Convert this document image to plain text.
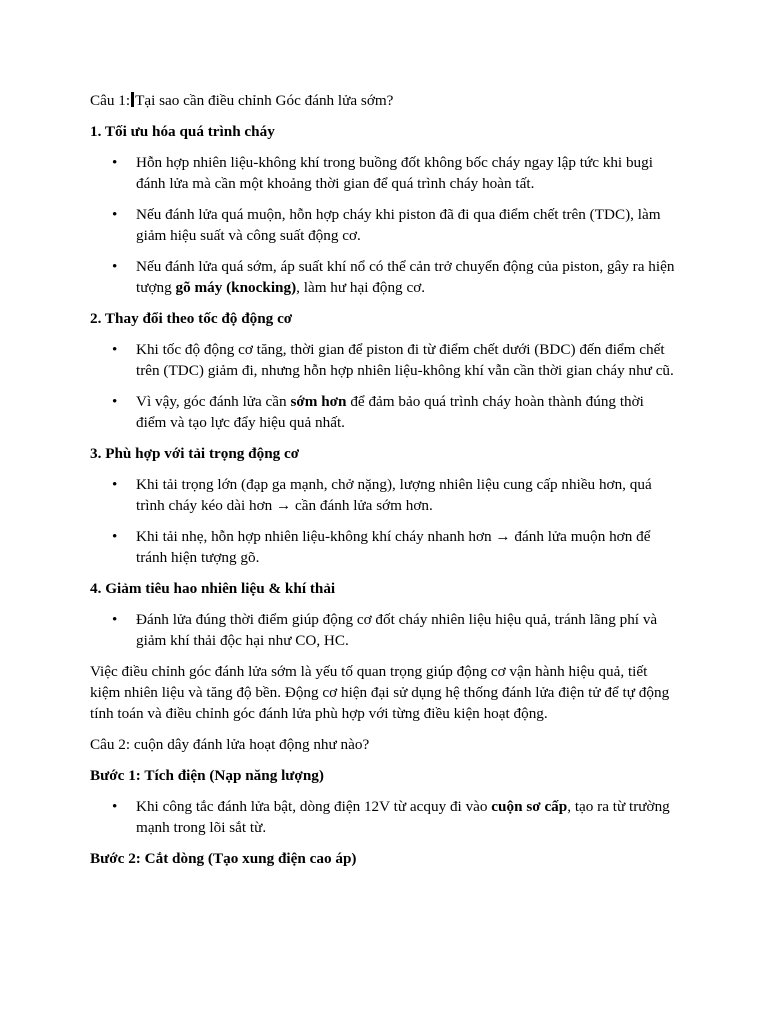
Câu 1: Tại sao cần điều chỉnh Góc đánh lửa sớm?

1. Tối ưu hóa quá trình cháy

• Hỗn hợp nhiên liệu-không khí trong buồng đốt không bốc cháy ngay lập tức khi bugi đánh lửa mà cần một khoảng thời gian để quá trình cháy hoàn tất.
• Nếu đánh lửa quá muộn, hỗn hợp cháy khi piston đã đi qua điểm chết trên (TDC), làm giảm hiệu suất và công suất động cơ.
• Nếu đánh lửa quá sớm, áp suất khí nổ có thể cản trở chuyển động của piston, gây ra hiện tượng gõ máy (knocking), làm hư hại động cơ.

2. Thay đổi theo tốc độ động cơ

• Khi tốc độ động cơ tăng, thời gian để piston đi từ điểm chết dưới (BDC) đến điểm chết trên (TDC) giảm đi, nhưng hỗn hợp nhiên liệu-không khí vẫn cần thời gian cháy như cũ.
• Vì vậy, góc đánh lửa cần sớm hơn để đảm bảo quá trình cháy hoàn thành đúng thời điểm và tạo lực đẩy hiệu quả nhất.

3. Phù hợp với tải trọng động cơ

• Khi tải trọng lớn (đạp ga mạnh, chở nặng), lượng nhiên liệu cung cấp nhiều hơn, quá trình cháy kéo dài hơn → cần đánh lửa sớm hơn.
• Khi tải nhẹ, hỗn hợp nhiên liệu-không khí cháy nhanh hơn → đánh lửa muộn hơn để tránh hiện tượng gõ.

4. Giảm tiêu hao nhiên liệu & khí thải

• Đánh lửa đúng thời điểm giúp động cơ đốt cháy nhiên liệu hiệu quả, tránh lãng phí và giảm khí thải độc hại như CO, HC.

Việc điều chỉnh góc đánh lửa sớm là yếu tố quan trọng giúp động cơ vận hành hiệu quả, tiết kiệm nhiên liệu và tăng độ bền. Động cơ hiện đại sử dụng hệ thống đánh lửa điện tử để tự động tính toán và điều chỉnh góc đánh lửa phù hợp với từng điều kiện hoạt động.

Câu 2: cuộn dây đánh lửa hoạt động như nào?

Bước 1: Tích điện (Nạp năng lượng)

• Khi công tắc đánh lửa bật, dòng điện 12V từ acquy đi vào cuộn sơ cấp, tạo ra từ trường mạnh trong lõi sắt từ.

Bước 2: Cắt dòng (Tạo xung điện cao áp)
